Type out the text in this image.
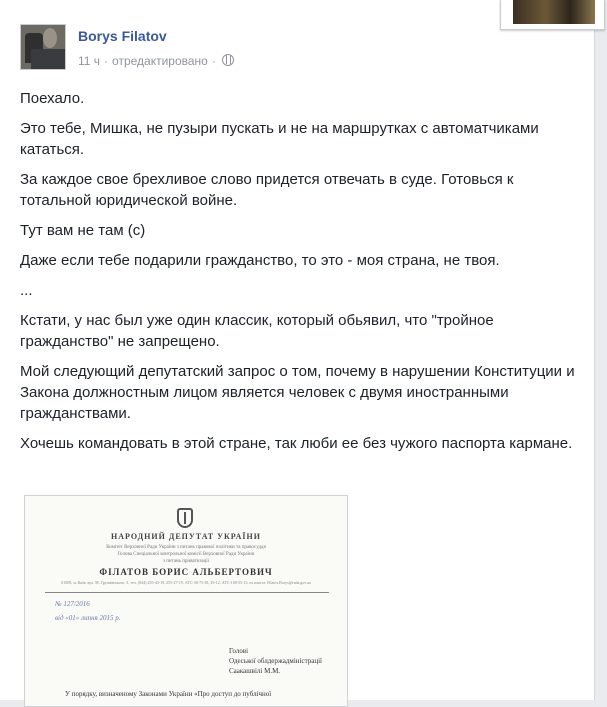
Borys Filatov
11 ч · отредактировано ·

Поехало.

Это тебе, Мишка, не пузыри пускать и не на маршрутках с автоматчиками кататься.

За каждое свое брехливое слово придется отвечать в суде. Готовься к тотальной юридической войне.

Тут вам не там (с)

Даже если тебе подарили гражданство, то это - моя страна, не твоя.

...

Кстати, у нас был уже один классик, который обьявил, что "тройное гражданство" не запрещено.

Мой следующий депутатский запрос о том, почему в нарушении Конституции и Закона должностным лицом является человек с двумя иностранными гражданствами.

Хочешь командовать в этой стране, так люби ее без чужого паспорта кармане.

НАРОДНИЙ ДЕПУТАТ УКРАЇНИ
Комітет Верховної Ради України з питань правової політики та правосуддя
Голова Спеціальної контрольної комісії Верховної Ради України
з питань приватизації
ФІЛАТОВ БОРИС АЛЬБЕРТОВИЧ
01008, м. Київ, вул. М. Грушевського, 5, тел. (044) 255-43-19, 255-27-19, АТС-30-75-38, 29-12, АТС-100-55-13, ел.пошта: Filatov.Borys@rada.gov.ua
№ 127/2016
від «01» липня 2015 р.
Голові
Одеської облдержадміністрації
Саакашвілі М.М.
У порядку, визначеному Законами України «Про доступ до публічної
